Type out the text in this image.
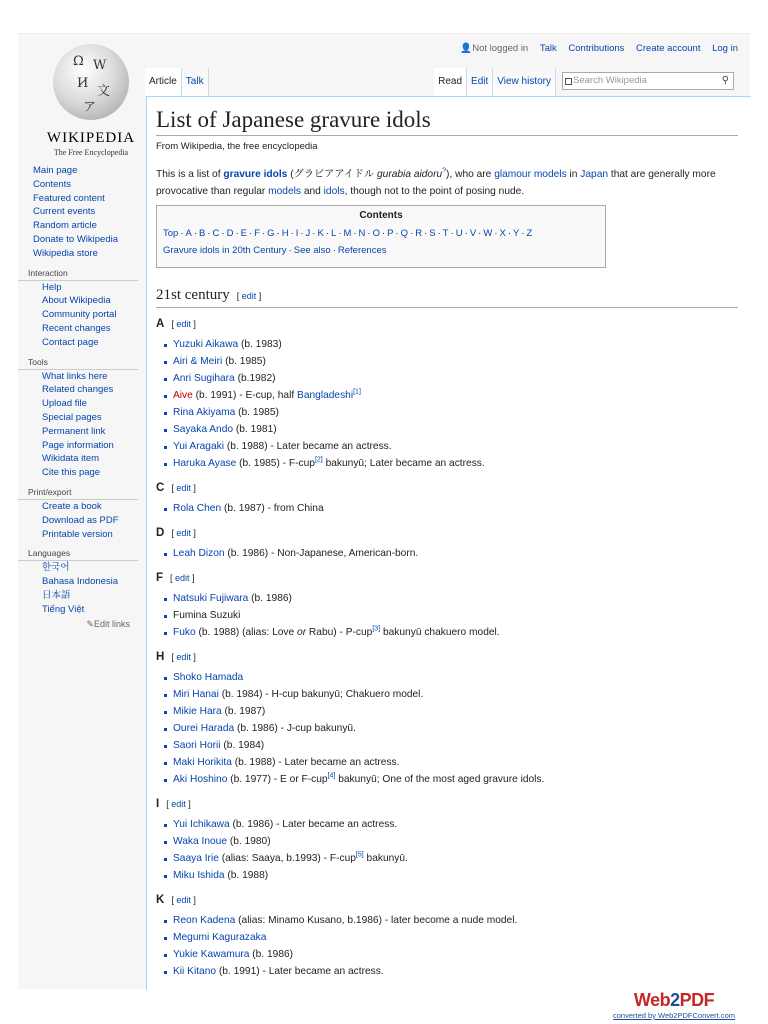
Ω W
И
文
ア
WIKIPEDIA
The Free Encyclopedia
Main page
Contents
Featured content
Current events
Random article
Donate to Wikipedia
Wikipedia store
Interaction
Help
About Wikipedia
Community portal
Recent changes
Contact page
Tools
What links here
Related changes
Upload file
Special pages
Permanent link
Page information
Wikidata item
Cite this page
Print/export
Create a book
Download as PDF
Printable version
Languages
한국어
Bahasa Indonesia
日本語
Tiếng Việt
✎Edit links
👤Not logged in Talk Contributions Create account Log in
Article Talk	Read Edit View history	Search Wikipedia	⚲
List of Japanese gravure idols
From Wikipedia, the free encyclopedia
This is a list of gravure idols (グラビアアイドル gurabia aidoru?), who are glamour models in Japan that are generally more provocative than regular models and idols, though not to the point of posing nude.
Contents
Top · A · B · C · D · E · F · G · H · I · J · K · L · M · N · O · P · Q · R · S · T · U · V · W · X · Y · Z
Gravure idols in 20th Century · See also · References
21st century [ edit ]
A [ edit ]
Yuzuki Aikawa (b. 1983)
Airi & Meiri (b. 1985)
Anri Sugihara (b.1982)
Aive (b. 1991) - E-cup, half Bangladeshi[1]
Rina Akiyama (b. 1985)
Sayaka Ando (b. 1981)
Yui Aragaki (b. 1988) - Later became an actress.
Haruka Ayase (b. 1985) - F-cup[2] bakunyū; Later became an actress.
C [ edit ]
Rola Chen (b. 1987) - from China
D [ edit ]
Leah Dizon (b. 1986) - Non-Japanese, American-born.
F [ edit ]
Natsuki Fujiwara (b. 1986)
Fumina Suzuki
Fuko (b. 1988) (alias: Love or Rabu) - P-cup[3] bakunyū chakuero model.
H [ edit ]
Shoko Hamada
Miri Hanai (b. 1984) - H-cup bakunyū; Chakuero model.
Mikie Hara (b. 1987)
Ourei Harada (b. 1986) - J-cup bakunyū.
Saori Horii (b. 1984)
Maki Horikita (b. 1988) - Later became an actress.
Aki Hoshino (b. 1977) - E or F-cup[4] bakunyū; One of the most aged gravure idols.
I [ edit ]
Yui Ichikawa (b. 1986) - Later became an actress.
Waka Inoue (b. 1980)
Saaya Irie (alias: Saaya, b.1993) - F-cup[5] bakunyū.
Miku Ishida (b. 1988)
K [ edit ]
Reon Kadena (alias: Minamo Kusano, b.1986) - later become a nude model.
Megumi Kagurazaka
Yukie Kawamura (b. 1986)
Kii Kitano (b. 1991) - Later became an actress.
Web2PDF
converted by Web2PDFConvert.com
